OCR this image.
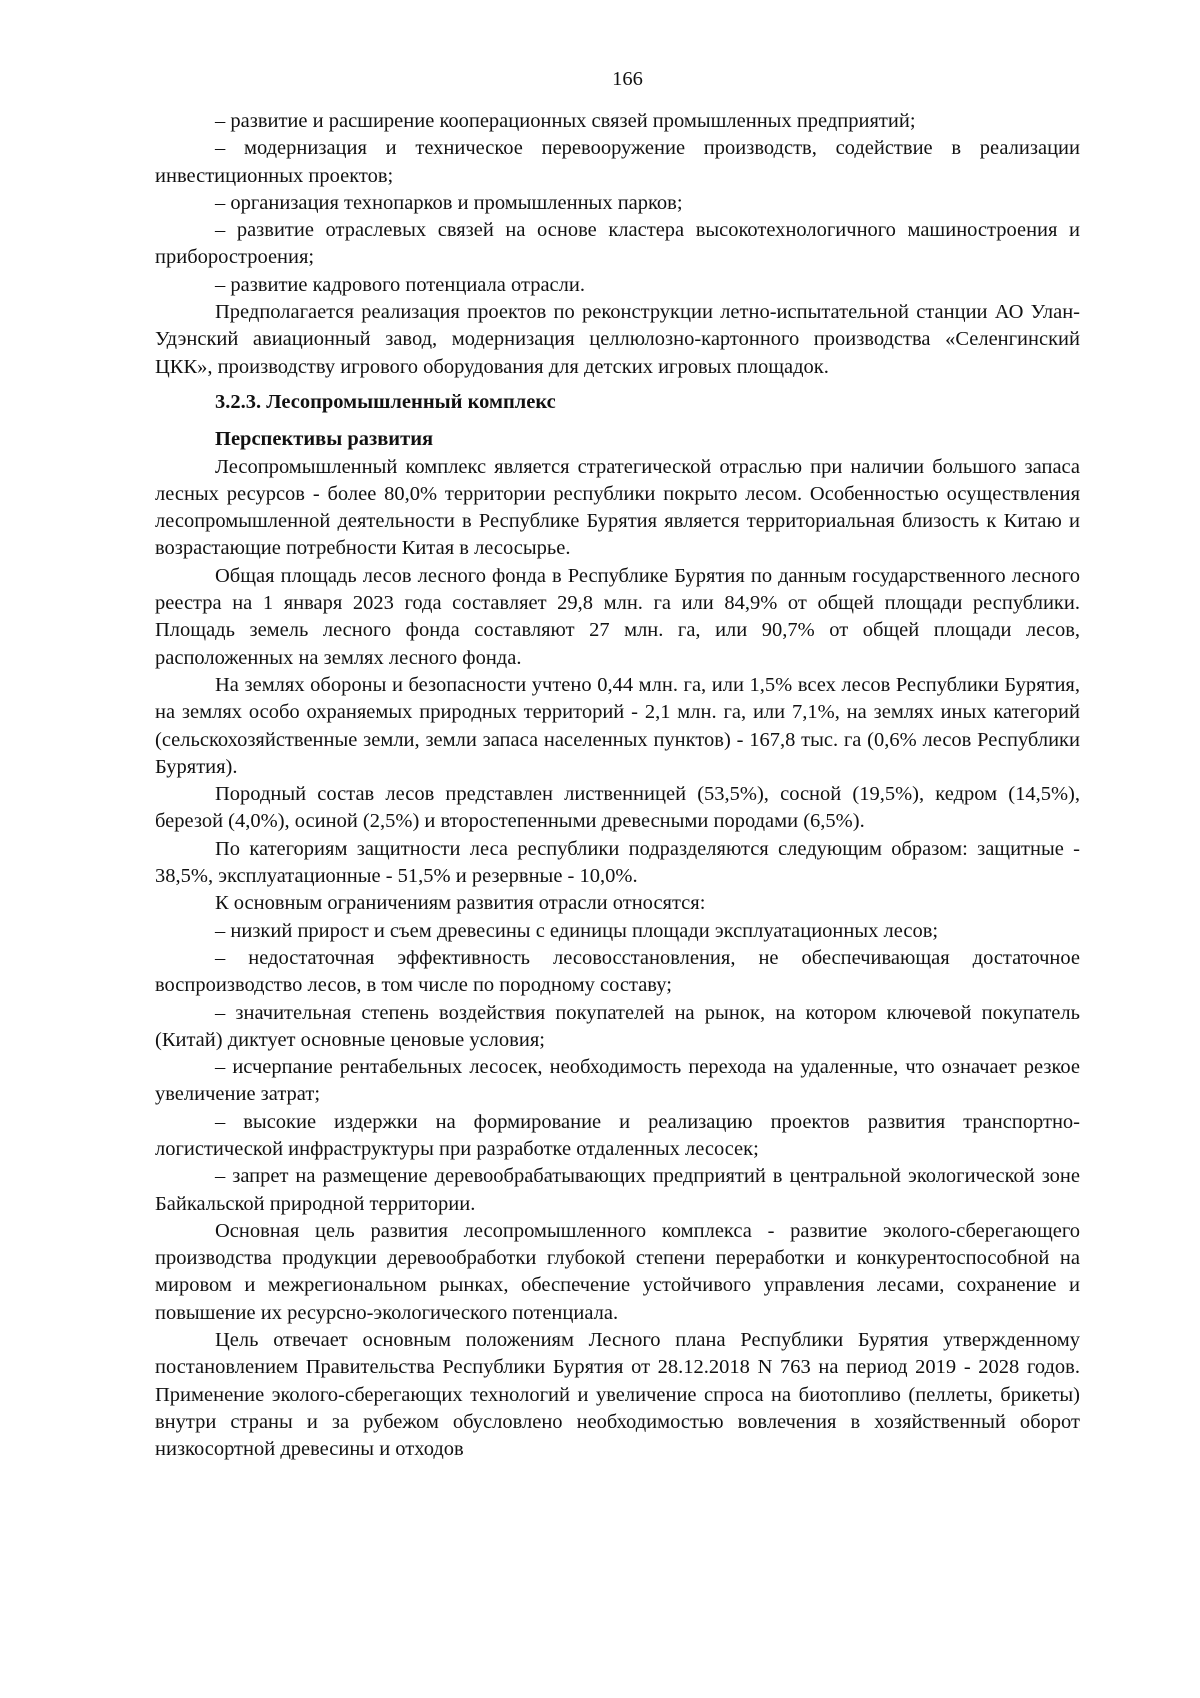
166

– развитие и расширение кооперационных связей промышленных предприятий;

– модернизация и техническое перевооружение производств, содействие в реализации инвестиционных проектов;

– организация технопарков и промышленных парков;

– развитие отраслевых связей на основе кластера высокотехнологичного машиностроения и приборостроения;

– развитие кадрового потенциала отрасли.

Предполагается реализация проектов по реконструкции летно-испытательной станции АО Улан-Удэнский авиационный завод, модернизация целлюлозно-картонного производства «Селенгинский ЦКК», производству игрового оборудования для детских игровых площадок.

3.2.3. Лесопромышленный комплекс

Перспективы развития

Лесопромышленный комплекс является стратегической отраслью при наличии большого запаса лесных ресурсов - более 80,0% территории республики покрыто лесом. Особенностью осуществления лесопромышленной деятельности в Республике Бурятия является территориальная близость к Китаю и возрастающие потребности Китая в лесосырье.

Общая площадь лесов лесного фонда в Республике Бурятия по данным государственного лесного реестра на 1 января 2023 года составляет 29,8 млн. га или 84,9% от общей площади республики. Площадь земель лесного фонда составляют 27 млн. га, или 90,7% от общей площади лесов, расположенных на землях лесного фонда.

На землях обороны и безопасности учтено 0,44 млн. га, или 1,5% всех лесов Республики Бурятия, на землях особо охраняемых природных территорий - 2,1 млн. га, или 7,1%, на землях иных категорий (сельскохозяйственные земли, земли запаса населенных пунктов) - 167,8 тыс. га (0,6% лесов Республики Бурятия).

Породный состав лесов представлен лиственницей (53,5%), сосной (19,5%), кедром (14,5%), березой (4,0%), осиной (2,5%) и второстепенными древесными породами (6,5%).

По категориям защитности леса республики подразделяются следующим образом: защитные - 38,5%, эксплуатационные - 51,5% и резервные - 10,0%.

К основным ограничениям развития отрасли относятся:

– низкий прирост и съем древесины с единицы площади эксплуатационных лесов;

– недостаточная эффективность лесовосстановления, не обеспечивающая достаточное воспроизводство лесов, в том числе по породному составу;

– значительная степень воздействия покупателей на рынок, на котором ключевой покупатель (Китай) диктует основные ценовые условия;

– исчерпание рентабельных лесосек, необходимость перехода на удаленные, что означает резкое увеличение затрат;

– высокие издержки на формирование и реализацию проектов развития транспортно-логистической инфраструктуры при разработке отдаленных лесосек;

– запрет на размещение деревообрабатывающих предприятий в центральной экологической зоне Байкальской природной территории.

Основная цель развития лесопромышленного комплекса - развитие эколого-сберегающего производства продукции деревообработки глубокой степени переработки и конкурентоспособной на мировом и межрегиональном рынках, обеспечение устойчивого управления лесами, сохранение и повышение их ресурсно-экологического потенциала.

Цель отвечает основным положениям Лесного плана Республики Бурятия утвержденному постановлением Правительства Республики Бурятия от 28.12.2018 N 763 на период 2019 - 2028 годов. Применение эколого-сберегающих технологий и увеличение спроса на биотопливо (пеллеты, брикеты) внутри страны и за рубежом обусловлено необходимостью вовлечения в хозяйственный оборот низкосортной древесины и отходов
